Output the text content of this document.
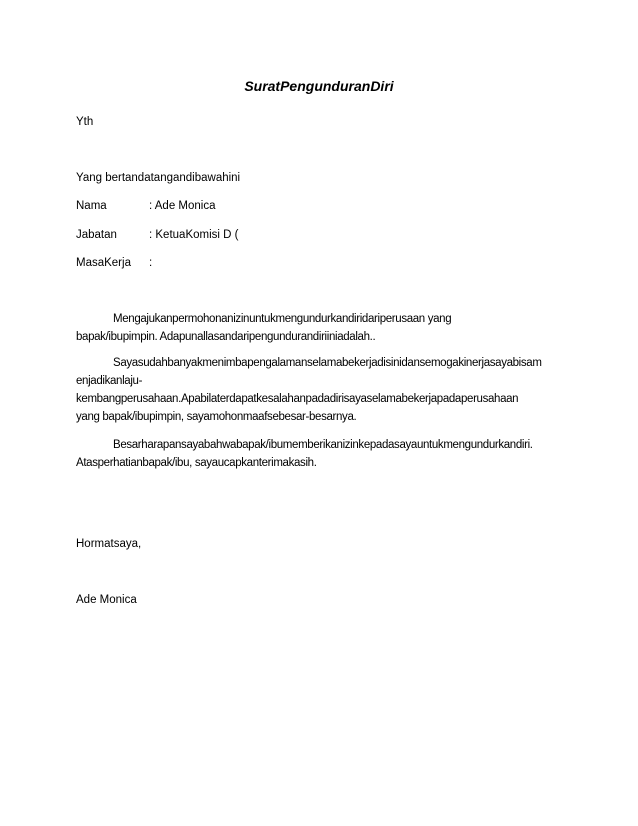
SuratPengunduranDiri
Yth
Yang bertandatangandibawahini
Nama	: Ade Monica
Jabatan	: KetuaKomisi D (
MasaKerja :
Mengajukanpermohonanizinuntukmengundurkandiridariperusaan yang
bapak/ibupimpin. Adapunallasandaripengundurandiriiniadalah..
Sayasudahbanyakmenimbapengalamanselamabekerjadisinidansemogakinerjasayabisam
enjadikanlaju-
kembangperusahaan.Apabilaterdapatkesalahanpadadirisayaselamabekerjapadaperusahaan
yang bapak/ibupimpin, sayamohonmaafsebesar-besarnya.
Besarharapansayabahwabapak/ibumemberikanizinkepadasayauntukmengundurkandiri.
Atasperhatianbapak/ibu, sayaucapkanterimakasih.
Hormatsaya,
Ade Monica
